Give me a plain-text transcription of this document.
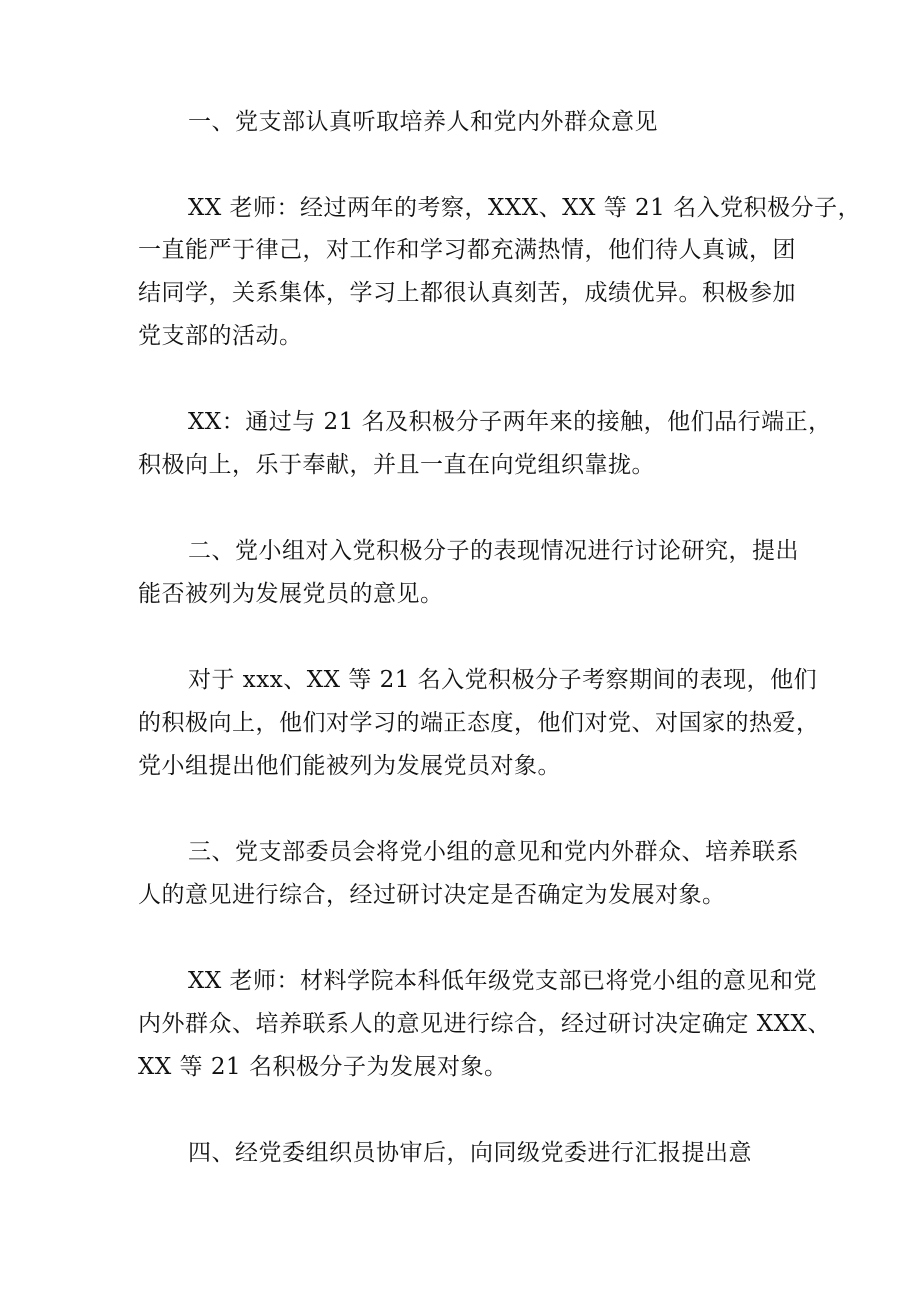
一、党支部认真听取培养人和党内外群众意见

XX 老师：经过两年的考察，XXX、XX 等 21 名入党积极分子，

一直能严于律己，对工作和学习都充满热情，他们待人真诚，团

结同学，关系集体，学习上都很认真刻苦，成绩优异。积极参加

党支部的活动。

XX：通过与 21 名及积极分子两年来的接触，他们品行端正，

积极向上，乐于奉献，并且一直在向党组织靠拢。

二、党小组对入党积极分子的表现情况进行讨论研究，提出

能否被列为发展党员的意见。

对于 xxx、XX 等 21 名入党积极分子考察期间的表现，他们

的积极向上，他们对学习的端正态度，他们对党、对国家的热爱，

党小组提出他们能被列为发展党员对象。

三、党支部委员会将党小组的意见和党内外群众、培养联系

人的意见进行综合，经过研讨决定是否确定为发展对象。

XX 老师：材料学院本科低年级党支部已将党小组的意见和党

内外群众、培养联系人的意见进行综合，经过研讨决定确定 XXX、

XX 等 21 名积极分子为发展对象。

四、经党委组织员协审后，向同级党委进行汇报提出意
